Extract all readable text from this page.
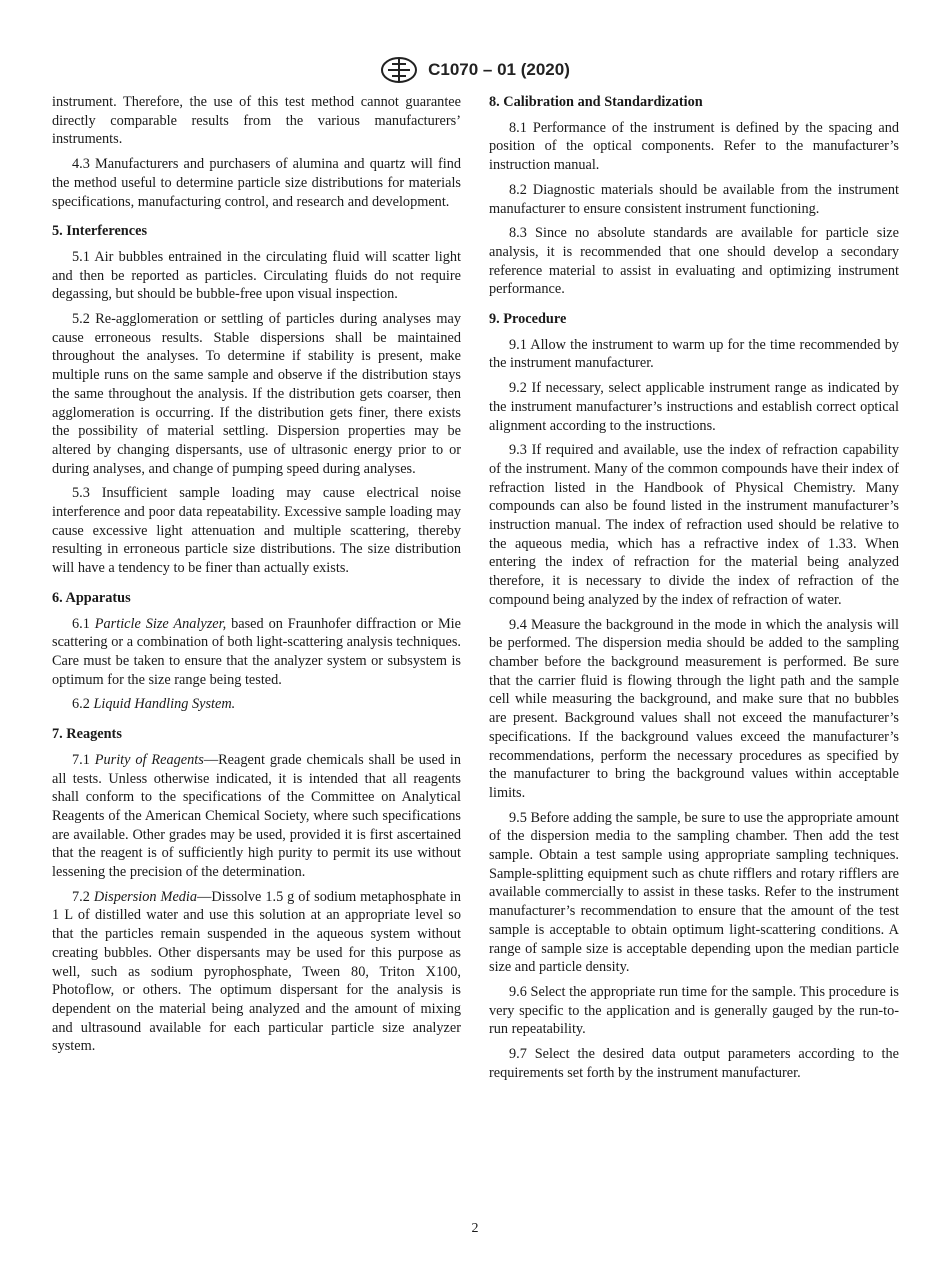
C1070 – 01 (2020)

instrument. Therefore, the use of this test method cannot guarantee directly comparable results from the various manufacturers’ instruments.

4.3 Manufacturers and purchasers of alumina and quartz will find the method useful to determine particle size distributions for materials specifications, manufacturing control, and research and development.

5. Interferences

5.1 Air bubbles entrained in the circulating fluid will scatter light and then be reported as particles. Circulating fluids do not require degassing, but should be bubble-free upon visual inspection.

5.2 Re-agglomeration or settling of particles during analyses may cause erroneous results. Stable dispersions shall be maintained throughout the analyses. To determine if stability is present, make multiple runs on the same sample and observe if the distribution stays the same throughout the analysis. If the distribution gets coarser, then agglomeration is occurring. If the distribution gets finer, there exists the possibility of material settling. Dispersion properties may be altered by changing dispersants, use of ultrasonic energy prior to or during analyses, and change of pumping speed during analyses.

5.3 Insufficient sample loading may cause electrical noise interference and poor data repeatability. Excessive sample loading may cause excessive light attenuation and multiple scattering, thereby resulting in erroneous particle size distributions. The size distribution will have a tendency to be finer than actually exists.

6. Apparatus

6.1 Particle Size Analyzer, based on Fraunhofer diffraction or Mie scattering or a combination of both light-scattering analysis techniques. Care must be taken to ensure that the analyzer system or subsystem is optimum for the size range being tested.

6.2 Liquid Handling System.

7. Reagents

7.1 Purity of Reagents—Reagent grade chemicals shall be used in all tests. Unless otherwise indicated, it is intended that all reagents shall conform to the specifications of the Committee on Analytical Reagents of the American Chemical Society, where such specifications are available. Other grades may be used, provided it is first ascertained that the reagent is of sufficiently high purity to permit its use without lessening the precision of the determination.

7.2 Dispersion Media—Dissolve 1.5 g of sodium metaphosphate in 1 L of distilled water and use this solution at an appropriate level so that the particles remain suspended in the aqueous system without creating bubbles. Other dispersants may be used for this purpose as well, such as sodium pyrophosphate, Tween 80, Triton X100, Photoflow, or others. The optimum dispersant for the analysis is dependent on the material being analyzed and the amount of mixing and ultrasound available for each particular particle size analyzer system.

8. Calibration and Standardization

8.1 Performance of the instrument is defined by the spacing and position of the optical components. Refer to the manufacturer’s instruction manual.

8.2 Diagnostic materials should be available from the instrument manufacturer to ensure consistent instrument functioning.

8.3 Since no absolute standards are available for particle size analysis, it is recommended that one should develop a secondary reference material to assist in evaluating and optimizing instrument performance.

9. Procedure

9.1 Allow the instrument to warm up for the time recommended by the instrument manufacturer.

9.2 If necessary, select applicable instrument range as indicated by the instrument manufacturer’s instructions and establish correct optical alignment according to the instructions.

9.3 If required and available, use the index of refraction capability of the instrument. Many of the common compounds have their index of refraction listed in the Handbook of Physical Chemistry. Many compounds can also be found listed in the instrument manufacturer’s instruction manual. The index of refraction used should be relative to the aqueous media, which has a refractive index of 1.33. When entering the index of refraction for the material being analyzed therefore, it is necessary to divide the index of refraction of the compound being analyzed by the index of refraction of water.

9.4 Measure the background in the mode in which the analysis will be performed. The dispersion media should be added to the sampling chamber before the background measurement is performed. Be sure that the carrier fluid is flowing through the light path and the sample cell while measuring the background, and make sure that no bubbles are present. Background values shall not exceed the manufacturer’s specifications. If the background values exceed the manufacturer’s recommendations, perform the necessary procedures as specified by the manufacturer to bring the background values within acceptable limits.

9.5 Before adding the sample, be sure to use the appropriate amount of the dispersion media to the sampling chamber. Then add the test sample. Obtain a test sample using appropriate sampling techniques. Sample-splitting equipment such as chute rifflers and rotary rifflers are available commercially to assist in these tasks. Refer to the instrument manufacturer’s recommendation to ensure that the amount of the test sample is acceptable to obtain optimum light-scattering conditions. A range of sample size is acceptable depending upon the median particle size and particle density.

9.6 Select the appropriate run time for the sample. This procedure is very specific to the application and is generally gauged by the run-to-run repeatability.

9.7 Select the desired data output parameters according to the requirements set forth by the instrument manufacturer.

2
